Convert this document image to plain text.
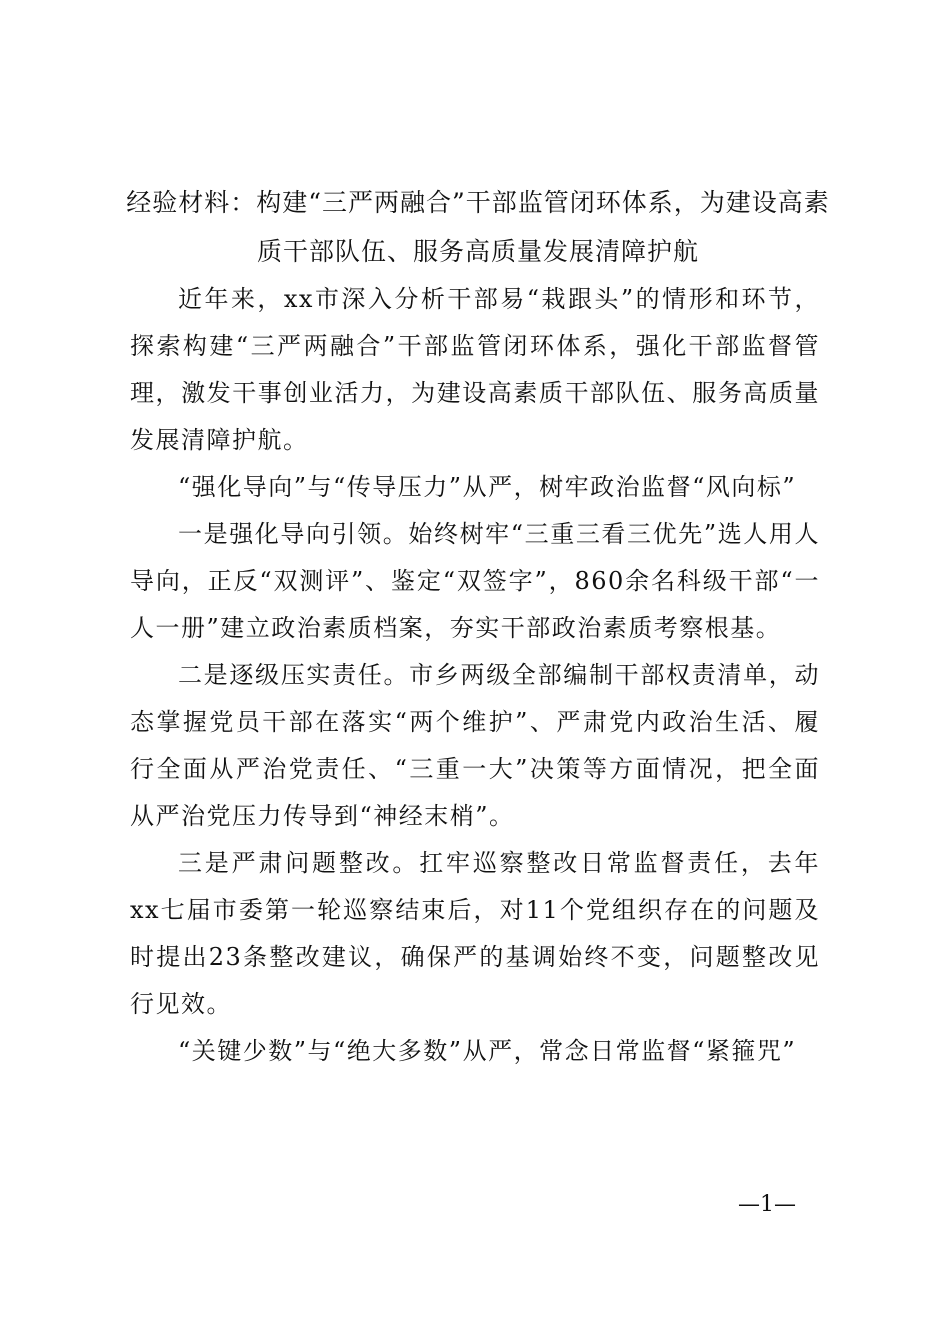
经验材料：构建“三严两融合”干部监管闭环体系，为建设高素质干部队伍、服务高质量发展清障护航

近年来，xx市深入分析干部易“栽跟头”的情形和环节，探索构建“三严两融合”干部监管闭环体系，强化干部监督管理，激发干事创业活力，为建设高素质干部队伍、服务高质量发展清障护航。

“强化导向”与“传导压力”从严，树牢政治监督“风向标”

一是强化导向引领。始终树牢“三重三看三优先”选人用人导向，正反“双测评”、鉴定“双签字”，860余名科级干部“一人一册”建立政治素质档案，夯实干部政治素质考察根基。

二是逐级压实责任。市乡两级全部编制干部权责清单，动态掌握党员干部在落实“两个维护”、严肃党内政治生活、履行全面从严治党责任、“三重一大”决策等方面情况，把全面从严治党压力传导到“神经末梢”。

三是严肃问题整改。扛牢巡察整改日常监督责任，去年xx七届市委第一轮巡察结束后，对11个党组织存在的问题及时提出23条整改建议，确保严的基调始终不变，问题整改见行见效。

“关键少数”与“绝大多数”从严，常念日常监督“紧箍咒”

—1—
